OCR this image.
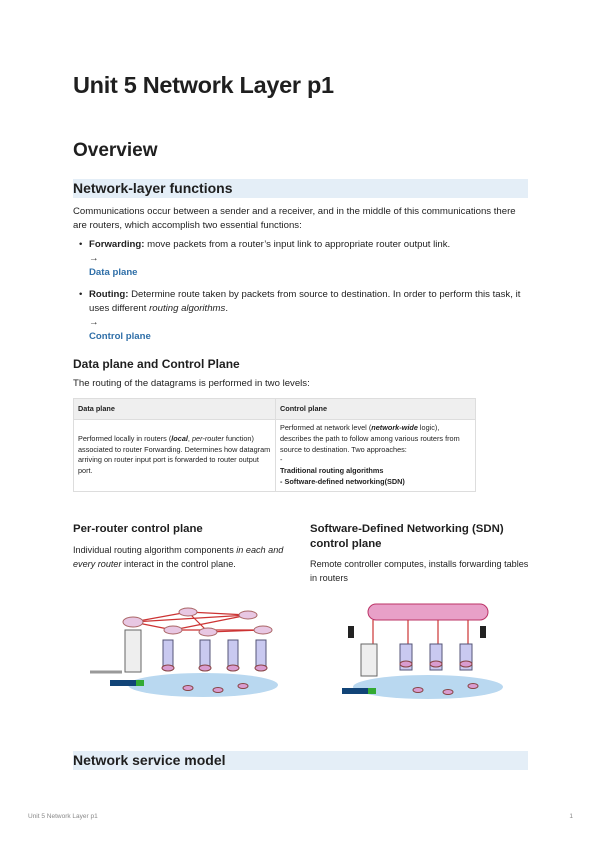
Unit 5 Network Layer p1
Overview
Network-layer functions

Communications occur between a sender and a receiver, and in the middle of this communications there are routers, which accomplish two essential functions:

• Forwarding: move packets from a router’s input link to appropriate router output link.
→
Data plane
• Routing: Determine route taken by packets from source to destination. In order to perform this task, it uses different routing algorithms.
→
Control plane
Data plane and Control Plane

The routing of the datagrams is performed in two levels:

Data plane	Control plane
Performed locally in routers (local, per-router function) associated to router Forwarding. Determines how datagram arriving on router input port is forwarded to router output port.	Performed at network level (network-wide logic), describes the path to follow among various routers from source to destination. Two approaches:
-
Traditional routing algorithms
- Software-defined networking(SDN)
Per-router control plane
Individual routing algorithm components in each and every router interact in the control plane.
Software-Defined Networking (SDN) control plane
Remote controller computes, installs forwarding tables in routers
Network service model
Unit 5 Network Layer p1	1
